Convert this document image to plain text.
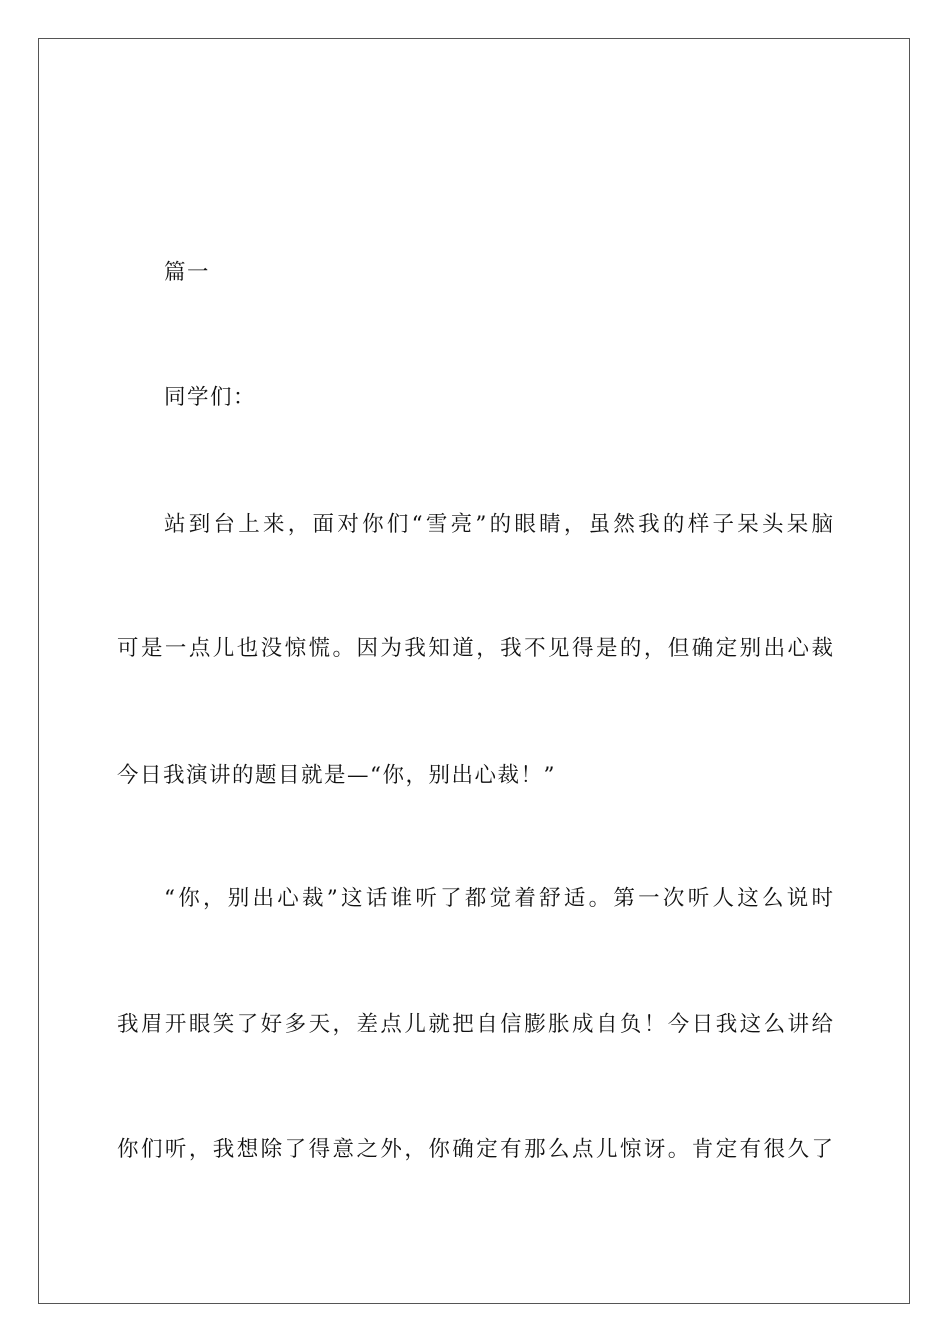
篇一

同学们：

站到台上来，面对你们“雪亮”的眼睛，虽然我的样子呆头呆脑

可是一点儿也没惊慌。因为我知道，我不见得是的，但确定别出心裁

今日我演讲的题目就是—“你，别出心裁！”

“你，别出心裁”这话谁听了都觉着舒适。第一次听人这么说时

我眉开眼笑了好多天，差点儿就把自信膨胀成自负！今日我这么讲给

你们听，我想除了得意之外，你确定有那么点儿惊讶。肯定有很久了
